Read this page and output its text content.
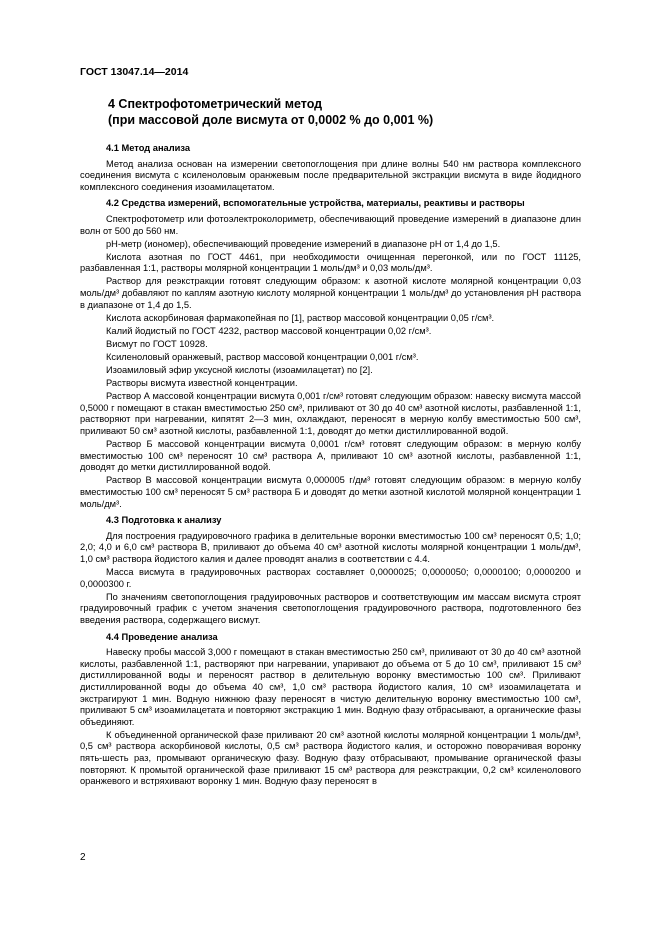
ГОСТ 13047.14—2014
4 Спектрофотометрический метод
(при массовой доле висмута от 0,0002 % до 0,001 %)
4.1 Метод анализа
Метод анализа основан на измерении светопоглощения при длине волны 540 нм раствора комплексного соединения висмута с ксиленоловым оранжевым после предварительной экстракции висмута в виде йодидного комплексного соединения изоамилацетатом.
4.2 Средства измерений, вспомогательные устройства, материалы, реактивы и растворы
Спектрофотометр или фотоэлектроколориметр, обеспечивающий проведение измерений в диапазоне длин волн от 500 до 560 нм.
рН-метр (иономер), обеспечивающий проведение измерений в диапазоне рН от 1,4 до 1,5.
Кислота азотная по ГОСТ 4461, при необходимости очищенная перегонкой, или по ГОСТ 11125, разбавленная 1:1, растворы молярной концентрации 1 моль/дм³ и 0,03 моль/дм³.
Раствор для реэкстракции готовят следующим образом: к азотной кислоте молярной концентрации 0,03 моль/дм³ добавляют по каплям азотную кислоту молярной концентрации 1 моль/дм³ до установления рН раствора в диапазоне от 1,4 до 1,5.
Кислота аскорбиновая фармакопейная по [1], раствор массовой концентрации 0,05 г/см³.
Калий йодистый по ГОСТ 4232, раствор массовой концентрации 0,02 г/см³.
Висмут по ГОСТ 10928.
Ксиленоловый оранжевый, раствор массовой концентрации 0,001 г/см³.
Изоамиловый эфир уксусной кислоты (изоамилацетат) по [2].
Растворы висмута известной концентрации.
Раствор А массовой концентрации висмута 0,001 г/см³ готовят следующим образом: навеску висмута массой 0,5000 г помещают в стакан вместимостью 250 см³, приливают от 30 до 40 см³ азотной кислоты, разбавленной 1:1, растворяют при нагревании, кипятят 2—3 мин, охлаждают, переносят в мерную колбу вместимостью 500 см³, приливают 50 см³ азотной кислоты, разбавленной 1:1, доводят до метки дистиллированной водой.
Раствор Б массовой концентрации висмута 0,0001 г/см³ готовят следующим образом: в мерную колбу вместимостью 100 см³ переносят 10 см³ раствора А, приливают 10 см³ азотной кислоты, разбавленной 1:1, доводят до метки дистиллированной водой.
Раствор В массовой концентрации висмута 0,000005 г/дм³ готовят следующим образом: в мерную колбу вместимостью 100 см³ переносят 5 см³ раствора Б и доводят до метки азотной кислотой молярной концентрации 1 моль/дм³.
4.3 Подготовка к анализу
Для построения градуировочного графика в делительные воронки вместимостью 100 см³ переносят 0,5; 1,0; 2,0; 4,0 и 6,0 см³ раствора В, приливают до объема 40 см³ азотной кислоты молярной концентрации 1 моль/дм³, 1,0 см³ раствора йодистого калия и далее проводят анализ в соответствии с 4.4.
Масса висмута в градуировочных растворах составляет 0,0000025; 0,0000050; 0,0000100; 0,0000200 и 0,0000300 г.
По значениям светопоглощения градуировочных растворов и соответствующим им массам висмута строят градуировочный график с учетом значения светопоглощения градуировочного раствора, подготовленного без введения раствора, содержащего висмут.
4.4 Проведение анализа
Навеску пробы массой 3,000 г помещают в стакан вместимостью 250 см³, приливают от 30 до 40 см³ азотной кислоты, разбавленной 1:1, растворяют при нагревании, упаривают до объема от 5 до 10 см³, приливают 15 см³ дистиллированной воды и переносят раствор в делительную воронку вместимостью 100 см³. Приливают дистиллированной воды до объема 40 см³, 1,0 см³ раствора йодистого калия, 10 см³ изоамилацетата и экстрагируют 1 мин. Водную нижнюю фазу переносят в чистую делительную воронку вместимостью 100 см³, приливают 5 см³ изоамилацетата и повторяют экстракцию 1 мин. Водную фазу отбрасывают, а органические фазы объединяют.
К объединенной органической фазе приливают 20 см³ азотной кислоты молярной концентрации 1 моль/дм³, 0,5 см³ раствора аскорбиновой кислоты, 0,5 см³ раствора йодистого калия, и осторожно поворачивая воронку пять-шесть раз, промывают органическую фазу. Водную фазу отбрасывают, промывание органической фазы повторяют. К промытой органической фазе приливают 15 см³ раствора для реэкстракции, 0,2 см³ ксиленолового оранжевого и встряхивают воронку 1 мин. Водную фазу переносят в
2
